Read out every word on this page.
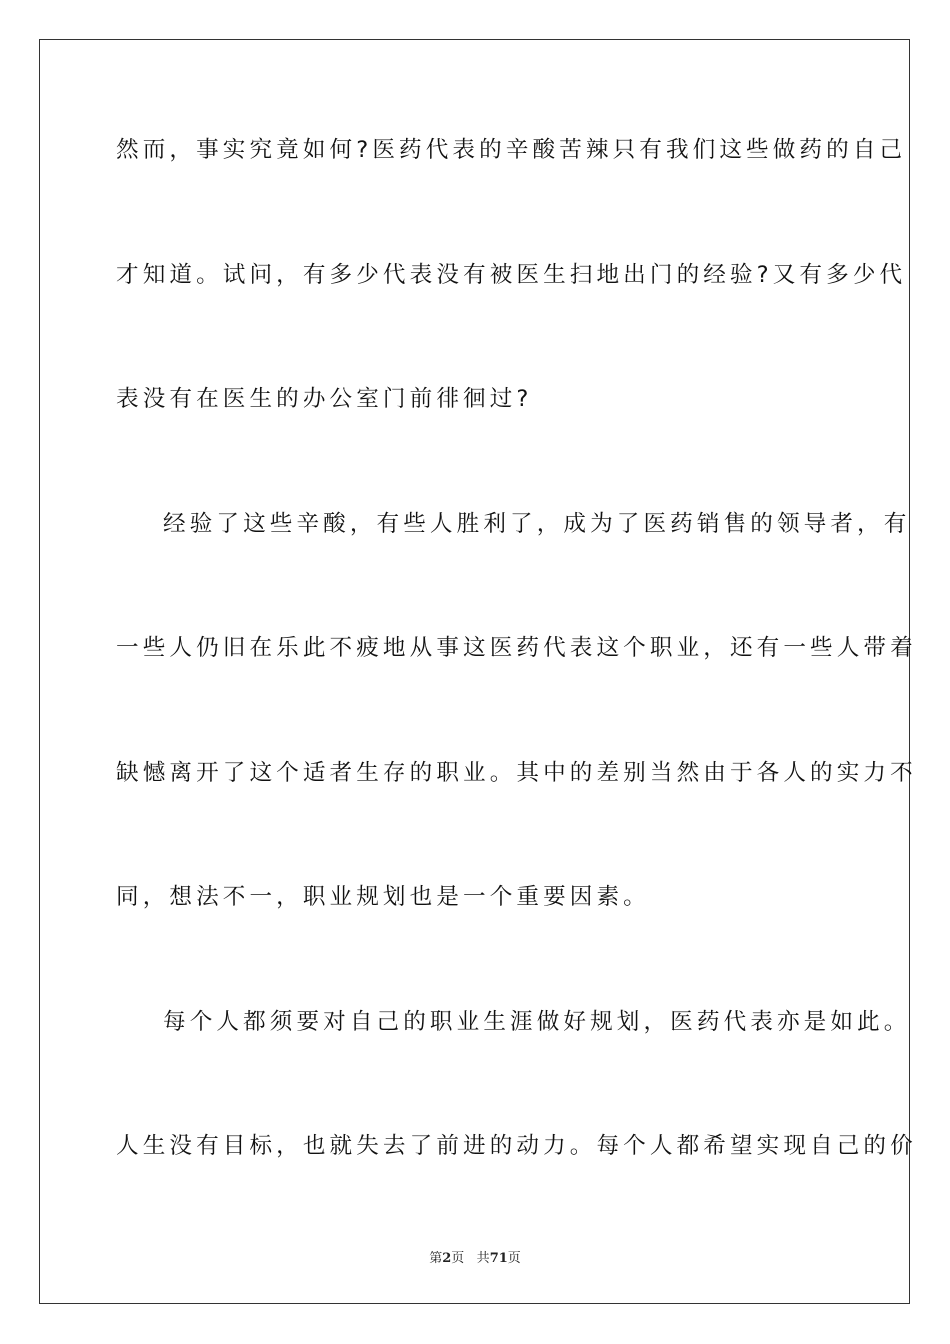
然而，事实究竟如何?医药代表的辛酸苦辣只有我们这些做药的自己
才知道。试问，有多少代表没有被医生扫地出门的经验?又有多少代
表没有在医生的办公室门前徘徊过?
经验了这些辛酸，有些人胜利了，成为了医药销售的领导者，有
一些人仍旧在乐此不疲地从事这医药代表这个职业，还有一些人带着
缺憾离开了这个适者生存的职业。其中的差别当然由于各人的实力不
同，想法不一，职业规划也是一个重要因素。
每个人都须要对自己的职业生涯做好规划，医药代表亦是如此。
人生没有目标，也就失去了前进的动力。每个人都希望实现自己的价
第2页 共71页
